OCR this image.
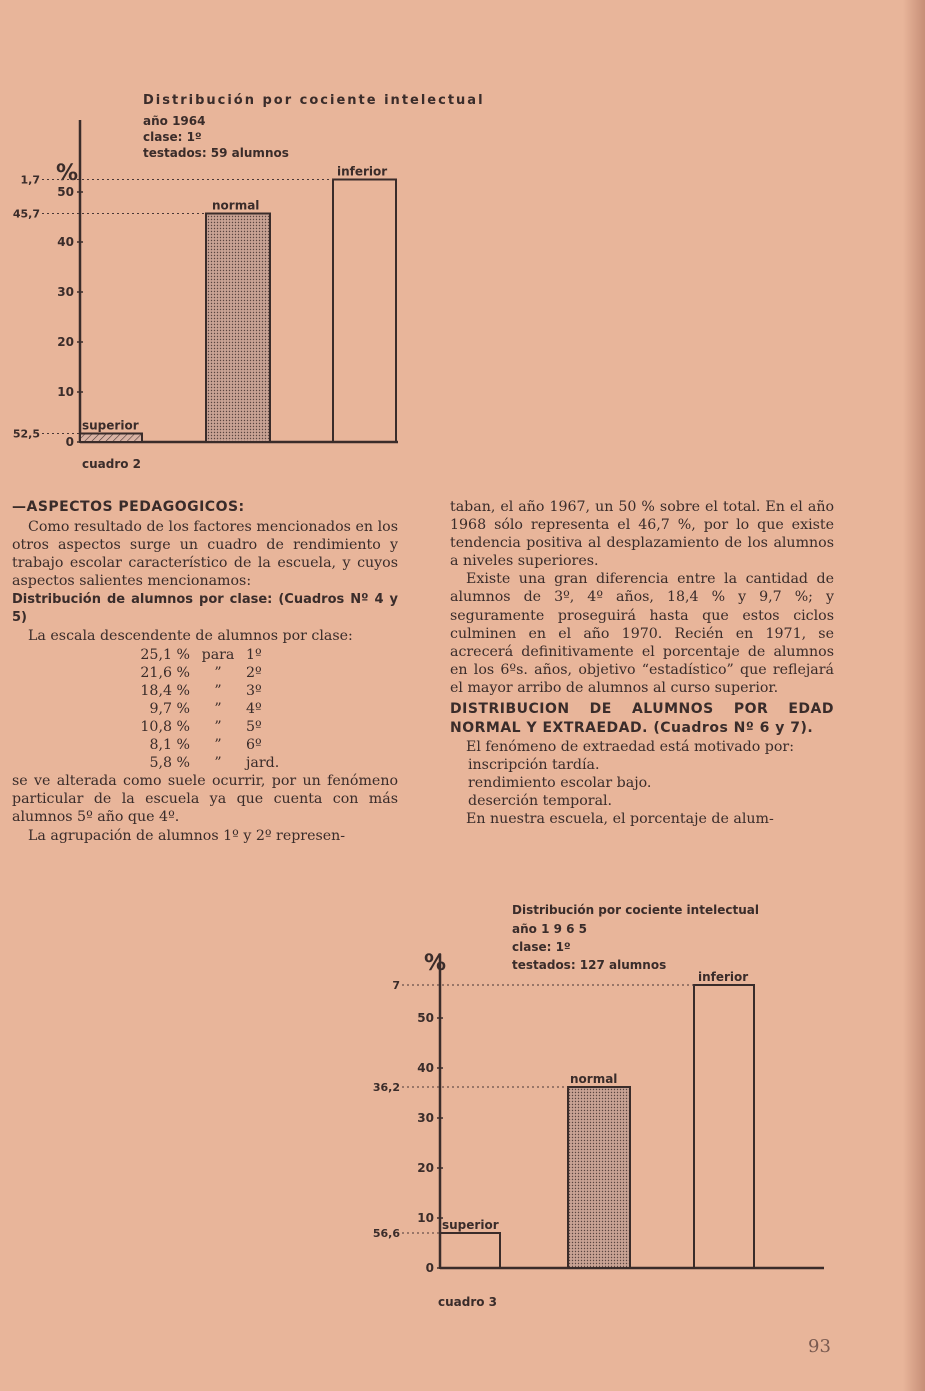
Distribución por cociente intelectual
año 1964
clase: 1º
testados: 59 alumnos
%
0
10
20
30
40
50
superior
52,5
normal
45,7
inferior
1,7
cuadro 2

—ASPECTOS PEDAGOGICOS:

Como resultado de los factores mencionados en los otros aspectos surge un cuadro de rendimiento y trabajo escolar característico de la escuela, y cuyos aspectos salientes mencionamos:

Distribución de alumnos por clase: (Cuadros Nº 4 y 5)

La escala descendente de alumnos por clase:

25,1 % para 1º
21,6 %	”	2º
18,4 %	”	3º
9,7 %	”	4º
10,8 %	”	5º
8,1 %	”	6º
5,8 %	”	jard.

se ve alterada como suele ocurrir, por un fenómeno particular de la escuela ya que cuenta con más alumnos 5º año que 4º.

La agrupación de alumnos 1º y 2º represen-

taban, el año 1967, un 50 % sobre el total. En el año 1968 sólo representa el 46,7 %, por lo que existe tendencia positiva al desplazamiento de los alumnos a niveles superiores.

Existe una gran diferencia entre la cantidad de alumnos de 3º, 4º años, 18,4 % y 9,7 %; y seguramente proseguirá hasta que estos ciclos culminen en el año 1970. Recién en 1971, se acrecerá definitivamente el porcentaje de alumnos en los 6ºs. años, objetivo “estadístico” que reflejará el mayor arribo de alumnos al curso superior.

DISTRIBUCION DE ALUMNOS POR EDAD NORMAL Y EXTRAEDAD. (Cuadros Nº 6 y 7).

El fenómeno de extraedad está motivado por:

inscripción tardía.

rendimiento escolar bajo.

deserción temporal.

En nuestra escuela, el porcentaje de alum-

Distribución por cociente intelectual
año 1 9 6 5
clase: 1º
testados: 127 alumnos
%
0
10
20
30
40
50
superior
56,6
normal
36,2
inferior
7
cuadro 3
93
